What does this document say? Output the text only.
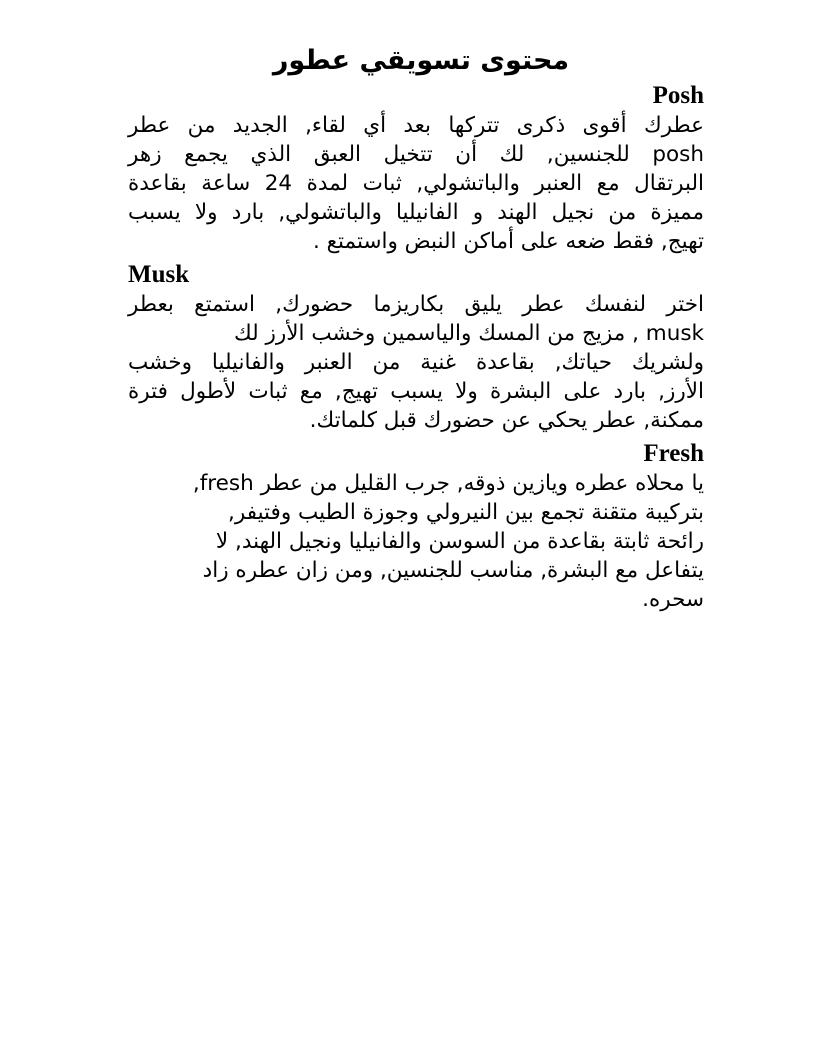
محتوى تسويقي عطور
Posh

عطرك أقوى ذكرى تتركها بعد أي لقاء, الجديد من عطر
posh للجنسين, لك أن تتخيل العبق الذي يجمع زهر
البرتقال مع العنبر والباتشولي, ثبات لمدة 24 ساعة بقاعدة
مميزة من نجيل الهند و الفانيليا والباتشولي, بارد ولا يسبب
تهيج, فقط ضعه على أماكن النبض واستمتع .

Musk

اختر لنفسك عطر يليق بكاريزما حضورك, استمتع بعطر
musk , مزيج من المسك والياسمين وخشب الأرز لك
ولشريك حياتك, بقاعدة غنية من العنبر والفانيليا وخشب
الأرز, بارد على البشرة ولا يسبب تهيج, مع ثبات لأطول فترة
ممكنة, عطر يحكي عن حضورك قبل كلماتك.

Fresh

يا محلاه عطره ويازين ذوقه, جرب القليل من عطر fresh,
بتركيبة متقنة تجمع بين النيرولي وجوزة الطيب وفتيفر,
رائحة ثابتة بقاعدة من السوسن والفانيليا ونجيل الهند, لا
يتفاعل مع البشرة, مناسب للجنسين, ومن زان عطره زاد
سحره.
